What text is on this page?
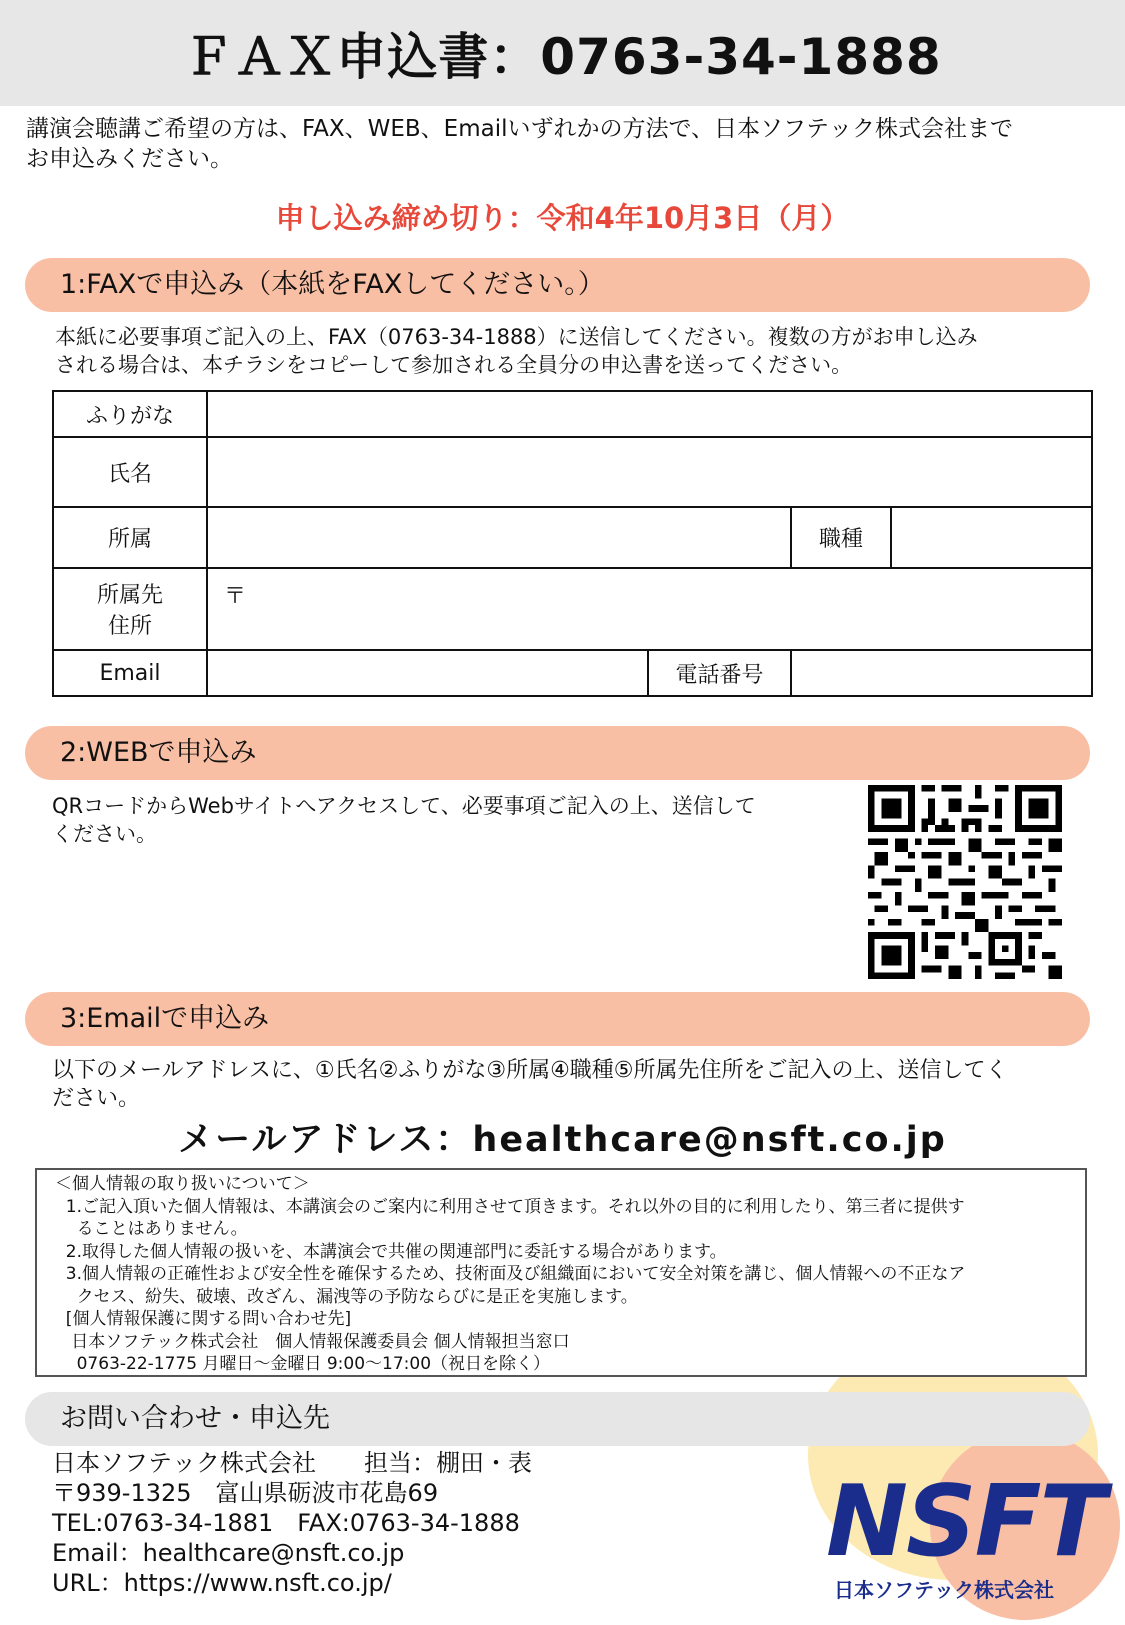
ＦＡＸ申込書：0763-34-1888
講演会聴講ご希望の方は、FAX、WEB、Emailいずれかの方法で、日本ソフテック株式会社まで
お申込みください。
申し込み締め切り：令和4年10月3日（月）
1:FAXで申込み（本紙をFAXしてください。）
本紙に必要事項ご記入の上、FAX（0763-34-1888）に送信してください。複数の方がお申し込み
される場合は、本チラシをコピーして参加される全員分の申込書を送ってください。
ふりがな				
氏名				
所属			職種	

所属先
住所	〒			
Email		電話番号		
2:WEBで申込み
QRコードからWebサイトへアクセスして、必要事項ご記入の上、送信して
ください。
3:Emailで申込み
以下のメールアドレスに、①氏名②ふりがな③所属④職種⑤所属先住所をご記入の上、送信してく
ださい。
メールアドレス：healthcare@nsft.co.jp
＜個人情報の取り扱いについて＞
1.ご記入頂いた個人情報は、本講演会のご案内に利用させて頂きます。それ以外の目的に利用したり、第三者に提供す
ることはありません。
2.取得した個人情報の扱いを、本講演会で共催の関連部門に委託する場合があります。
3.個人情報の正確性および安全性を確保するため、技術面及び組織面において安全対策を講じ、個人情報への不正なア
クセス、紛失、破壊、改ざん、漏洩等の予防ならびに是正を実施します。
[個人情報保護に関する問い合わせ先]
日本ソフテック株式会社　個人情報保護委員会 個人情報担当窓口
0763-22-1775 月曜日～金曜日 9:00～17:00（祝日を除く）
お問い合わせ・申込先
日本ソフテック株式会社　　担当：棚田・表
〒939-1325　富山県砺波市花島69
TEL:0763-34-1881　FAX:0763-34-1888
Email：healthcare@nsft.co.jp
URL：https://www.nsft.co.jp/
NSFT
日本ソフテック株式会社
